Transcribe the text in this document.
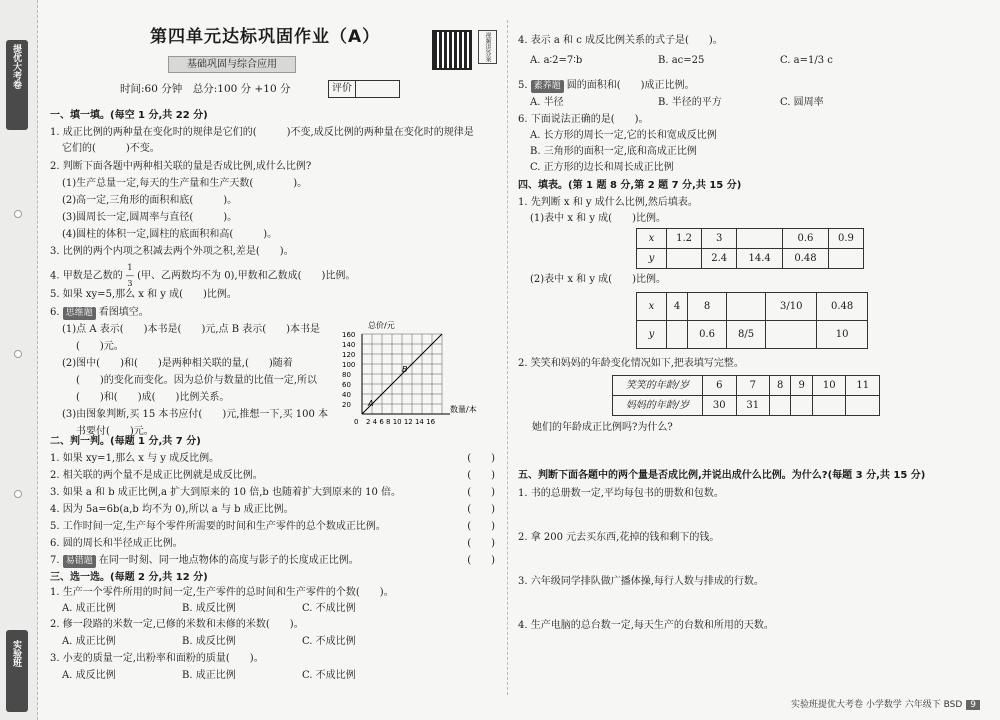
提优大考卷
实验班
第四单元达标巩固作业（A）
基础巩固与综合应用
视频讲答案
时间:60 分钟　总分:100 分 +10 分	评价
一、填一填。(每空 1 分,共 22 分)
1. 成正比例的两种量在变化时的规律是它们的(　　　)不变,成反比例的两种量在变化时的规律是
它们的(　　　)不变。
2. 判断下面各题中两种相关联的量是否成比例,成什么比例?
(1)生产总量一定,每天的生产量和生产天数(　　　　)。
(2)高一定,三角形的面积和底(　　　)。
(3)圆周长一定,圆周率与直径(　　　)。
(4)圆柱的体积一定,圆柱的底面积和高(　　　)。
3. 比例的两个内项之积减去两个外项之积,差是(　　)。
4. 甲数是乙数的 1
―
3 (甲、乙两数均不为 0),甲数和乙数成(　　)比例。
5. 如果 xy=5,那么 x 和 y 成(　　)比例。
6. 思维题 看图填空。
(1)点 A 表示(　　)本书是(　　)元,点 B 表示(　　)本书是
(　　)元。
(2)图中(　　)和(　　)是两种相关联的量,(　　)随着
(　　)的变化而变化。因为总价与数量的比值一定,所以
(　　)和(　　)成(　　)比例关系。
(3)由图象判断,买 15 本书应付(　　)元,推想一下,买 100 本
书要付(　　)元。
总价/元
160
140
120
100
80
60
40
20 A
B
0 2 4 6 8 10 12 14 16
数量/本
二、判一判。(每题 1 分,共 7 分)
1. 如果 xy=1,那么 x 与 y 成反比例。	(　　)
2. 相关联的两个量不是成正比例就是成反比例。	(　　)
3. 如果 a 和 b 成正比例,a 扩大到原来的 10 倍,b 也随着扩大到原来的 10 倍。	(　　)
4. 因为 5a=6b(a,b 均不为 0),所以 a 与 b 成正比例。	(　　)
5. 工作时间一定,生产每个零件所需要的时间和生产零件的总个数成正比例。	(　　)
6. 圆的周长和半径成正比例。	(　　)
7. 易错题 在同一时刻、同一地点物体的高度与影子的长度成正比例。	(　　)
三、选一选。(每题 2 分,共 12 分)
1. 生产一个零件所用的时间一定,生产零件的总时间和生产零件的个数(　　)。
A. 成正比例	B. 成反比例	C. 不成比例
2. 修一段路的米数一定,已修的米数和未修的米数(　　)。
A. 成正比例	B. 成反比例	C. 不成比例
3. 小麦的质量一定,出粉率和面粉的质量(　　)。
A. 成反比例	B. 成正比例	C. 不成比例
4. 表示 a 和 c 成反比例关系的式子是(　　)。
A. a∶2=7∶b	B. ac=25	C. a=1/3 c
5. 素养题 圆的面积和(　　)成正比例。
A. 半径	B. 半径的平方	C. 圆周率
6. 下面说法正确的是(　　)。
A. 长方形的周长一定,它的长和宽成反比例
B. 三角形的面积一定,底和高成正比例
C. 正方形的边长和周长成正比例
四、填表。(第 1 题 8 分,第 2 题 7 分,共 15 分)
1. 先判断 x 和 y 成什么比例,然后填表。
(1)表中 x 和 y 成(　　)比例。
x	1.2	3		0.6	0.9
y		2.4	14.4	0.48	
(2)表中 x 和 y 成(　　)比例。
x	4	8		3/10	0.48
y		0.6	8/5		10
2. 笑笑和妈妈的年龄变化情况如下,把表填写完整。
笑笑的年龄/岁	6	7	8	9	10	11
妈妈的年龄/岁	30	31				
她们的年龄成正比例吗?为什么?
五、判断下面各题中的两个量是否成比例,并说出成什么比例。为什么?(每题 3 分,共 15 分)
1. 书的总册数一定,平均每包书的册数和包数。
2. 拿 200 元去买东西,花掉的钱和剩下的钱。
3. 六年级同学排队做广播体操,每行人数与排成的行数。
4. 生产电脑的总台数一定,每天生产的台数和所用的天数。
实验班提优大考卷 小学数学 六年级下 BSD 9
